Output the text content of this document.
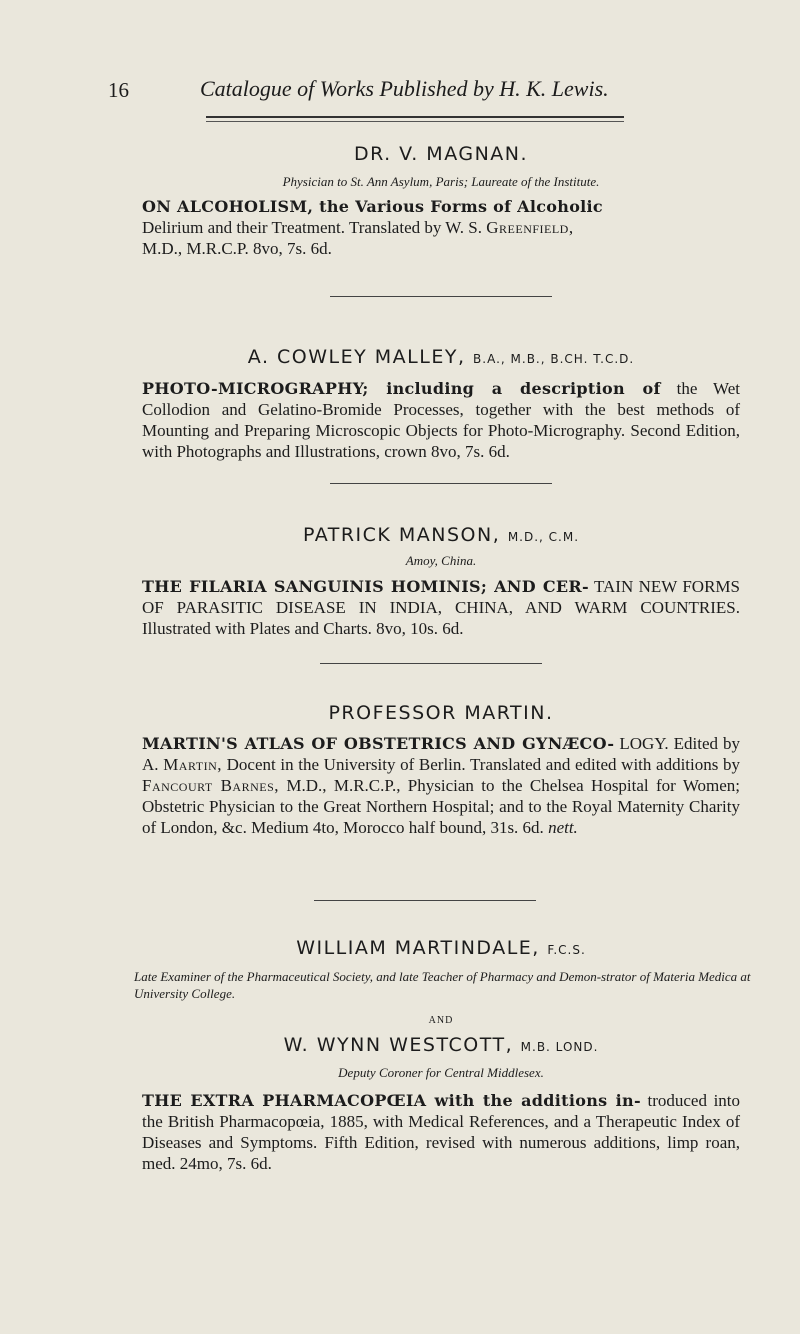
16	Catalogue of Works Published by H. K. Lewis.
DR. V. MAGNAN.
Physician to St. Ann Asylum, Paris; Laureate of the Institute.
ON ALCOHOLISM, the Various Forms of Alcoholic
Delirium and their Treatment. Translated by W. S. Greenfield,
M.D., M.R.C.P. 8vo, 7s. 6d.
A. COWLEY MALLEY, B.A., M.B., B.CH. T.C.D.
PHOTO-MICROGRAPHY; including a description of the Wet Collodion and Gelatino-Bromide Processes, together with the best methods of Mounting and Preparing Microscopic Objects for Photo-Micrography. Second Edition, with Photographs and Illustrations, crown 8vo, 7s. 6d.
PATRICK MANSON, M.D., C.M.
Amoy, China.
THE FILARIA SANGUINIS HOMINIS; AND CER- TAIN NEW FORMS OF PARASITIC DISEASE IN INDIA, CHINA, AND WARM COUNTRIES. Illustrated with Plates and Charts. 8vo, 10s. 6d.
PROFESSOR MARTIN.
MARTIN'S ATLAS OF OBSTETRICS AND GYNÆCO- LOGY. Edited by A. Martin, Docent in the University of Berlin. Translated and edited with additions by Fancourt Barnes, M.D., M.R.C.P., Physician to the Chelsea Hospital for Women; Obstetric Physician to the Great Northern Hospital; and to the Royal Maternity Charity of London, &c. Medium 4to, Morocco half bound, 31s. 6d. nett.
WILLIAM MARTINDALE, F.C.S.
Late Examiner of the Pharmaceutical Society, and late Teacher of Pharmacy and Demon-strator of Materia Medica at University College.
AND
W. WYNN WESTCOTT, M.B. LOND.
Deputy Coroner for Central Middlesex.
THE EXTRA PHARMACOPŒIA with the additions in- troduced into the British Pharmacopœia, 1885, with Medical References, and a Therapeutic Index of Diseases and Symptoms. Fifth Edition, revised with numerous additions, limp roan, med. 24mo, 7s. 6d.
